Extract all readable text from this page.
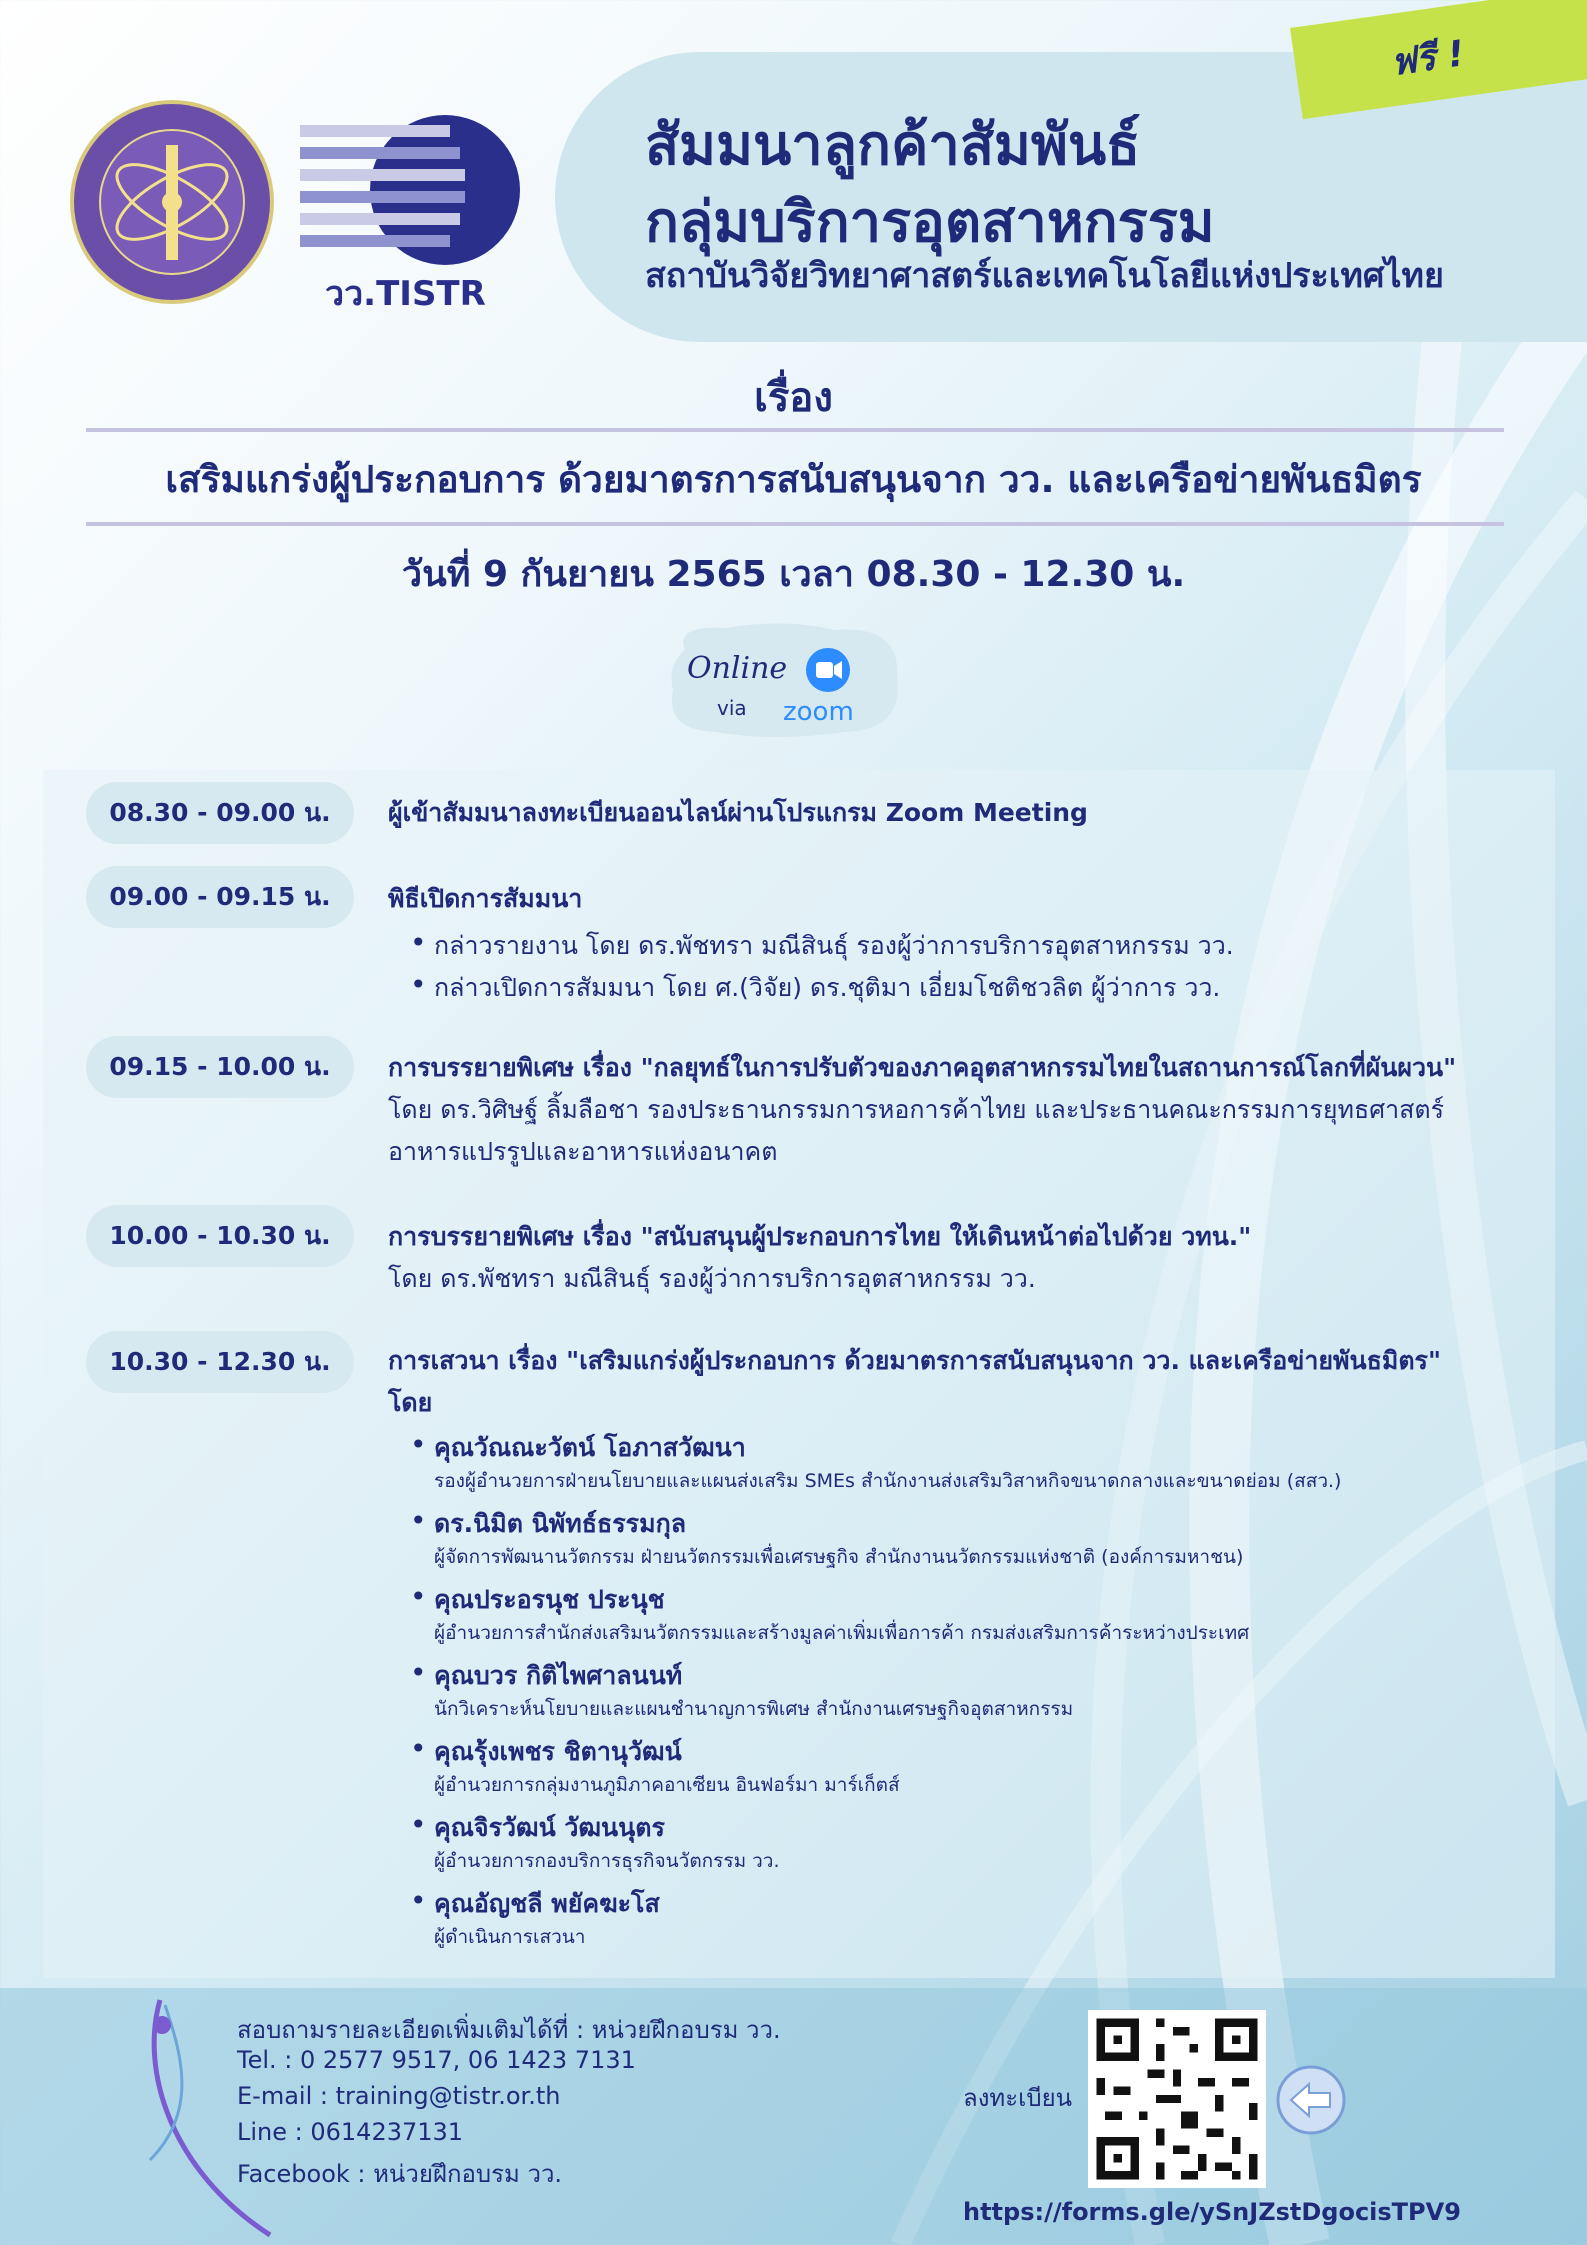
วว.TISTR
สัมมนาลูกค้าสัมพันธ์
กลุ่มบริการอุตสาหกรรม
สถาบันวิจัยวิทยาศาสตร์และเทคโนโลยีแห่งประเทศไทย
ฟรี !
เรื่อง
เสริมแกร่งผู้ประกอบการ ด้วยมาตรการสนับสนุนจาก วว. และเครือข่ายพันธมิตร
วันที่ 9 กันยายน 2565 เวลา 08.30 - 12.30 น.
Online
via zoom
08.30 - 09.00 น.	ผู้เข้าสัมมนาลงทะเบียนออนไลน์ผ่านโปรแกรม Zoom Meeting
09.00 - 09.15 น.	พิธีเปิดการสัมมนา
กล่าวรายงาน โดย ดร.พัชทรา มณีสินธุ์ รองผู้ว่าการบริการอุตสาหกรรม วว.
กล่าวเปิดการสัมมนา โดย ศ.(วิจัย) ดร.ชุติมา เอี่ยมโชติชวลิต ผู้ว่าการ วว.
09.15 - 10.00 น.	การบรรยายพิเศษ เรื่อง "กลยุทธ์ในการปรับตัวของภาคอุตสาหกรรมไทยในสถานการณ์โลกที่ผันผวน"
โดย ดร.วิศิษฐ์ ลิ้มลือชา รองประธานกรรมการหอการค้าไทย และประธานคณะกรรมการยุทธศาสตร์
อาหารแปรรูปและอาหารแห่งอนาคต
10.00 - 10.30 น.	การบรรยายพิเศษ เรื่อง "สนับสนุนผู้ประกอบการไทย ให้เดินหน้าต่อไปด้วย วทน."
โดย ดร.พัชทรา มณีสินธุ์ รองผู้ว่าการบริการอุตสาหกรรม วว.
10.30 - 12.30 น.	การเสวนา เรื่อง "เสริมแกร่งผู้ประกอบการ ด้วยมาตรการสนับสนุนจาก วว. และเครือข่ายพันธมิตร"
โดย
คุณวัณณะวัตน์ โอภาสวัฒนา
รองผู้อำนวยการฝ่ายนโยบายและแผนส่งเสริม SMEs สำนักงานส่งเสริมวิสาหกิจขนาดกลางและขนาดย่อม (สสว.)
ดร.นิมิต นิพัทธ์ธรรมกุล
ผู้จัดการพัฒนานวัตกรรม ฝ่ายนวัตกรรมเพื่อเศรษฐกิจ สำนักงานนวัตกรรมแห่งชาติ (องค์การมหาชน)
คุณประอรนุช ประนุช
ผู้อำนวยการสำนักส่งเสริมนวัตกรรมและสร้างมูลค่าเพิ่มเพื่อการค้า กรมส่งเสริมการค้าระหว่างประเทศ
คุณบวร กิติไพศาลนนท์
นักวิเคราะห์นโยบายและแผนชำนาญการพิเศษ สำนักงานเศรษฐกิจอุตสาหกรรม
คุณรุ้งเพชร ชิตานุวัฒน์
ผู้อำนวยการกลุ่มงานภูมิภาคอาเซียน อินฟอร์มา มาร์เก็ตส์
คุณจิรวัฒน์ วัฒนนุตร
ผู้อำนวยการกองบริการธุรกิจนวัตกรรม วว.
คุณอัญชลี พยัคฆะโส
ผู้ดำเนินการเสวนา
สอบถามรายละเอียดเพิ่มเติมได้ที่ : หน่วยฝึกอบรม วว.
Tel. : 0 2577 9517, 06 1423 7131
E-mail : training@tistr.or.th
Line : 0614237131
Facebook : หน่วยฝึกอบรม วว.
ลงทะเบียน
https://forms.gle/ySnJZstDgocisTPV9
